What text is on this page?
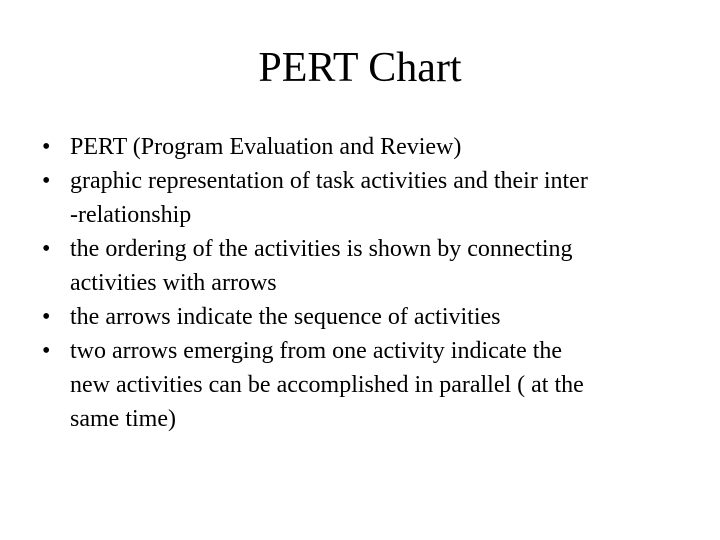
PERT Chart
• PERT (Program Evaluation and Review)
• graphic representation of task activities and their inter
-relationship
• the ordering of the activities is shown by connecting
activities with arrows
• the arrows indicate the sequence of activities
• two arrows emerging from one activity indicate the
new activities can be accomplished in parallel ( at the
same time)
